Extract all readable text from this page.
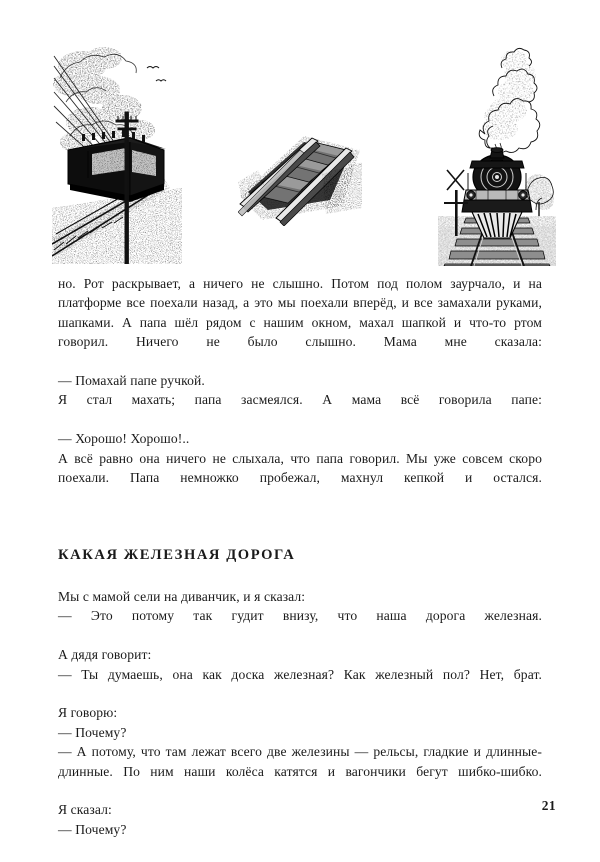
но. Рот раскрывает, а ничего не слышно. Потом под полом заурчало, и на платформе все поехали назад, а это мы поехали вперёд, и все замахали руками, шапками. А папа шёл рядом с нашим окном, махал шапкой и что-то ртом говорил. Ничего не было слышно. Мама мне сказала:

— Помахай папе ручкой.

Я стал махать; папа засмеялся. А мама всё говорила папе:

— Хорошо! Хорошо!..

А всё равно она ничего не слыхала, что папа говорил. Мы уже совсем скоро поехали. Папа немножко пробежал, махнул кепкой и остался.

КАКАЯ ЖЕЛЕЗНАЯ ДОРОГА

Мы с мамой сели на диванчик, и я сказал:

— Это потому так гудит внизу, что наша дорога железная.

А дядя говорит:

— Ты думаешь, она как доска железная? Как железный пол? Нет, брат.

Я говорю:

— Почему?

— А потому, что там лежат всего две железины — рельсы, гладкие и длинные-длинные. По ним наши колёса катятся и вагончики бегут шибко-шибко.

Я сказал:

— Почему?

21
